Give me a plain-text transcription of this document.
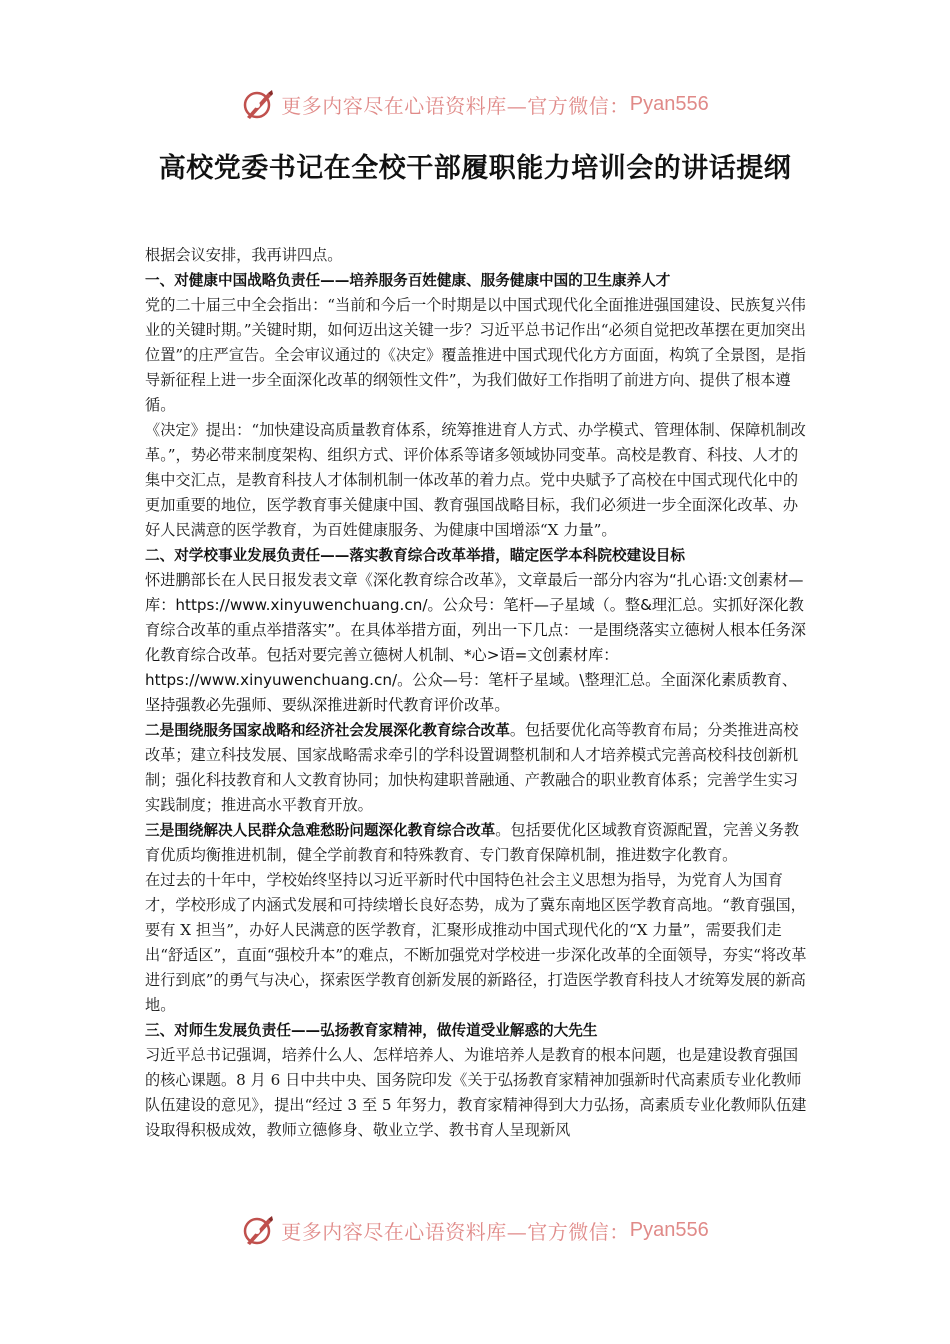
更多内容尽在心语资料库—官方微信： Pyan556
高校党委书记在全校干部履职能力培训会的讲话提纲

根据会议安排，我再讲四点。

一、对健康中国战略负责任——培养服务百姓健康、服务健康中国的卫生康养人才

党的二十届三中全会指出：“当前和今后一个时期是以中国式现代化全面推进强国建设、民族复兴伟业的关键时期。”关键时期，如何迈出这关键一步？习近平总书记作出“必须自觉把改革摆在更加突出位置”的庄严宣告。全会审议通过的《决定》覆盖推进中国式现代化方方面面，构筑了全景图，是指导新征程上进一步全面深化改革的纲领性文件”，为我们做好工作指明了前进方向、提供了根本遵循。

《决定》提出：“加快建设高质量教育体系，统筹推进育人方式、办学模式、管理体制、保障机制改革。”，势必带来制度架构、组织方式、评价体系等诸多领域协同变革。高校是教育、科技、人才的集中交汇点，是教育科技人才体制机制一体改革的着力点。党中央赋予了高校在中国式现代化中的更加重要的地位，医学教育事关健康中国、教育强国战略目标，我们必须进一步全面深化改革、办好人民满意的医学教育，为百姓健康服务、为健康中国增添“X 力量”。

二、对学校事业发展负责任——落实教育综合改革举措，瞄定医学本科院校建设目标

怀进鹏部长在人民日报发表文章《深化教育综合改革》，文章最后一部分内容为“扎心语:文创素材—库：https://www.xinyuwenchuang.cn/。公众号：笔杆—子星域（。整&理汇总。实抓好深化教育综合改革的重点举措落实”。在具体举措方面，列出一下几点：一是围绕落实立德树人根本任务深化教育综合改革。包括对要完善立德树人机制、*心>语=文创素材库：https://www.xinyuwenchuang.cn/。公众—号：笔杆子星域。\整理汇总。全面深化素质教育、坚持强教必先强师、要纵深推进新时代教育评价改革。

二是围绕服务国家战略和经济社会发展深化教育综合改革。包括要优化高等教育布局；分类推进高校改革；建立科技发展、国家战略需求牵引的学科设置调整机制和人才培养模式完善高校科技创新机制；强化科技教育和人文教育协同；加快构建职普融通、产教融合的职业教育体系；完善学生实习实践制度；推进高水平教育开放。

三是围绕解决人民群众急难愁盼问题深化教育综合改革。包括要优化区域教育资源配置，完善义务教育优质均衡推进机制，健全学前教育和特殊教育、专门教育保障机制，推进数字化教育。

在过去的十年中，学校始终坚持以习近平新时代中国特色社会主义思想为指导，为党育人为国育才，学校形成了内涵式发展和可持续增长良好态势，成为了冀东南地区医学教育高地。“教育强国，要有 X 担当”，办好人民满意的医学教育，汇聚形成推动中国式现代化的“X 力量”，需要我们走出“舒适区”，直面“强校升本”的难点，不断加强党对学校进一步深化改革的全面领导，夯实“将改革进行到底”的勇气与决心，探索医学教育创新发展的新路径，打造医学教育科技人才统筹发展的新高地。

三、对师生发展负责任——弘扬教育家精神，做传道受业解惑的大先生

习近平总书记强调，培养什么人、怎样培养人、为谁培养人是教育的根本问题，也是建设教育强国的核心课题。8 月 6 日中共中央、国务院印发《关于弘扬教育家精神加强新时代高素质专业化教师队伍建设的意见》，提出“经过 3 至 5 年努力，教育家精神得到大力弘扬，高素质专业化教师队伍建设取得积极成效，教师立德修身、敬业立学、教书育人呈现新风

更多内容尽在心语资料库—官方微信： Pyan556
